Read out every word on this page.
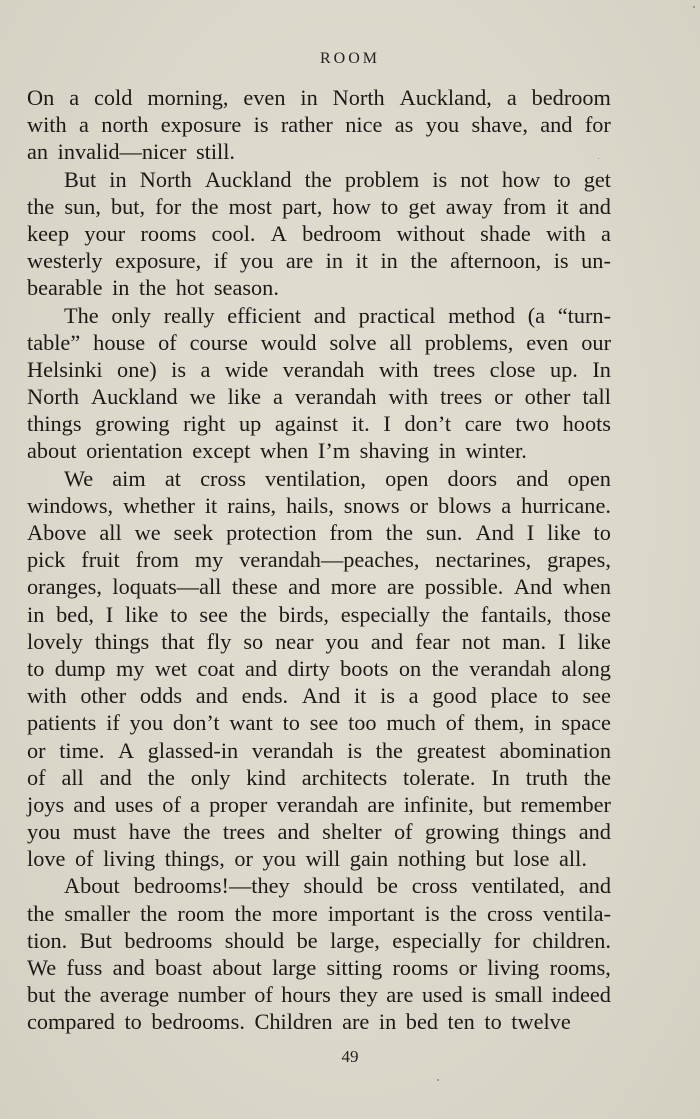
ROOM
On a cold morning, even in North Auckland, a bedroom
with a north exposure is rather nice as you shave, and for
an invalid—nicer still.
But in North Auckland the problem is not how to get
the sun, but, for the most part, how to get away from it and
keep your rooms cool. A bedroom without shade with a
westerly exposure, if you are in it in the afternoon, is un-
bearable in the hot season.
The only really efficient and practical method (a “turn-
table” house of course would solve all problems, even our
Helsinki one) is a wide verandah with trees close up. In
North Auckland we like a verandah with trees or other tall
things growing right up against it. I don’t care two hoots
about orientation except when I’m shaving in winter.
We aim at cross ventilation, open doors and open
windows, whether it rains, hails, snows or blows a hurricane.
Above all we seek protection from the sun. And I like to
pick fruit from my verandah—peaches, nectarines, grapes,
oranges, loquats—all these and more are possible. And when
in bed, I like to see the birds, especially the fantails, those
lovely things that fly so near you and fear not man. I like
to dump my wet coat and dirty boots on the verandah along
with other odds and ends. And it is a good place to see
patients if you don’t want to see too much of them, in space
or time. A glassed-in verandah is the greatest abomination
of all and the only kind architects tolerate. In truth the
joys and uses of a proper verandah are infinite, but remember
you must have the trees and shelter of growing things and
love of living things, or you will gain nothing but lose all.
About bedrooms!—they should be cross ventilated, and
the smaller the room the more important is the cross ventila-
tion. But bedrooms should be large, especially for children.
We fuss and boast about large sitting rooms or living rooms,
but the average number of hours they are used is small indeed
compared to bedrooms. Children are in bed ten to twelve
49
